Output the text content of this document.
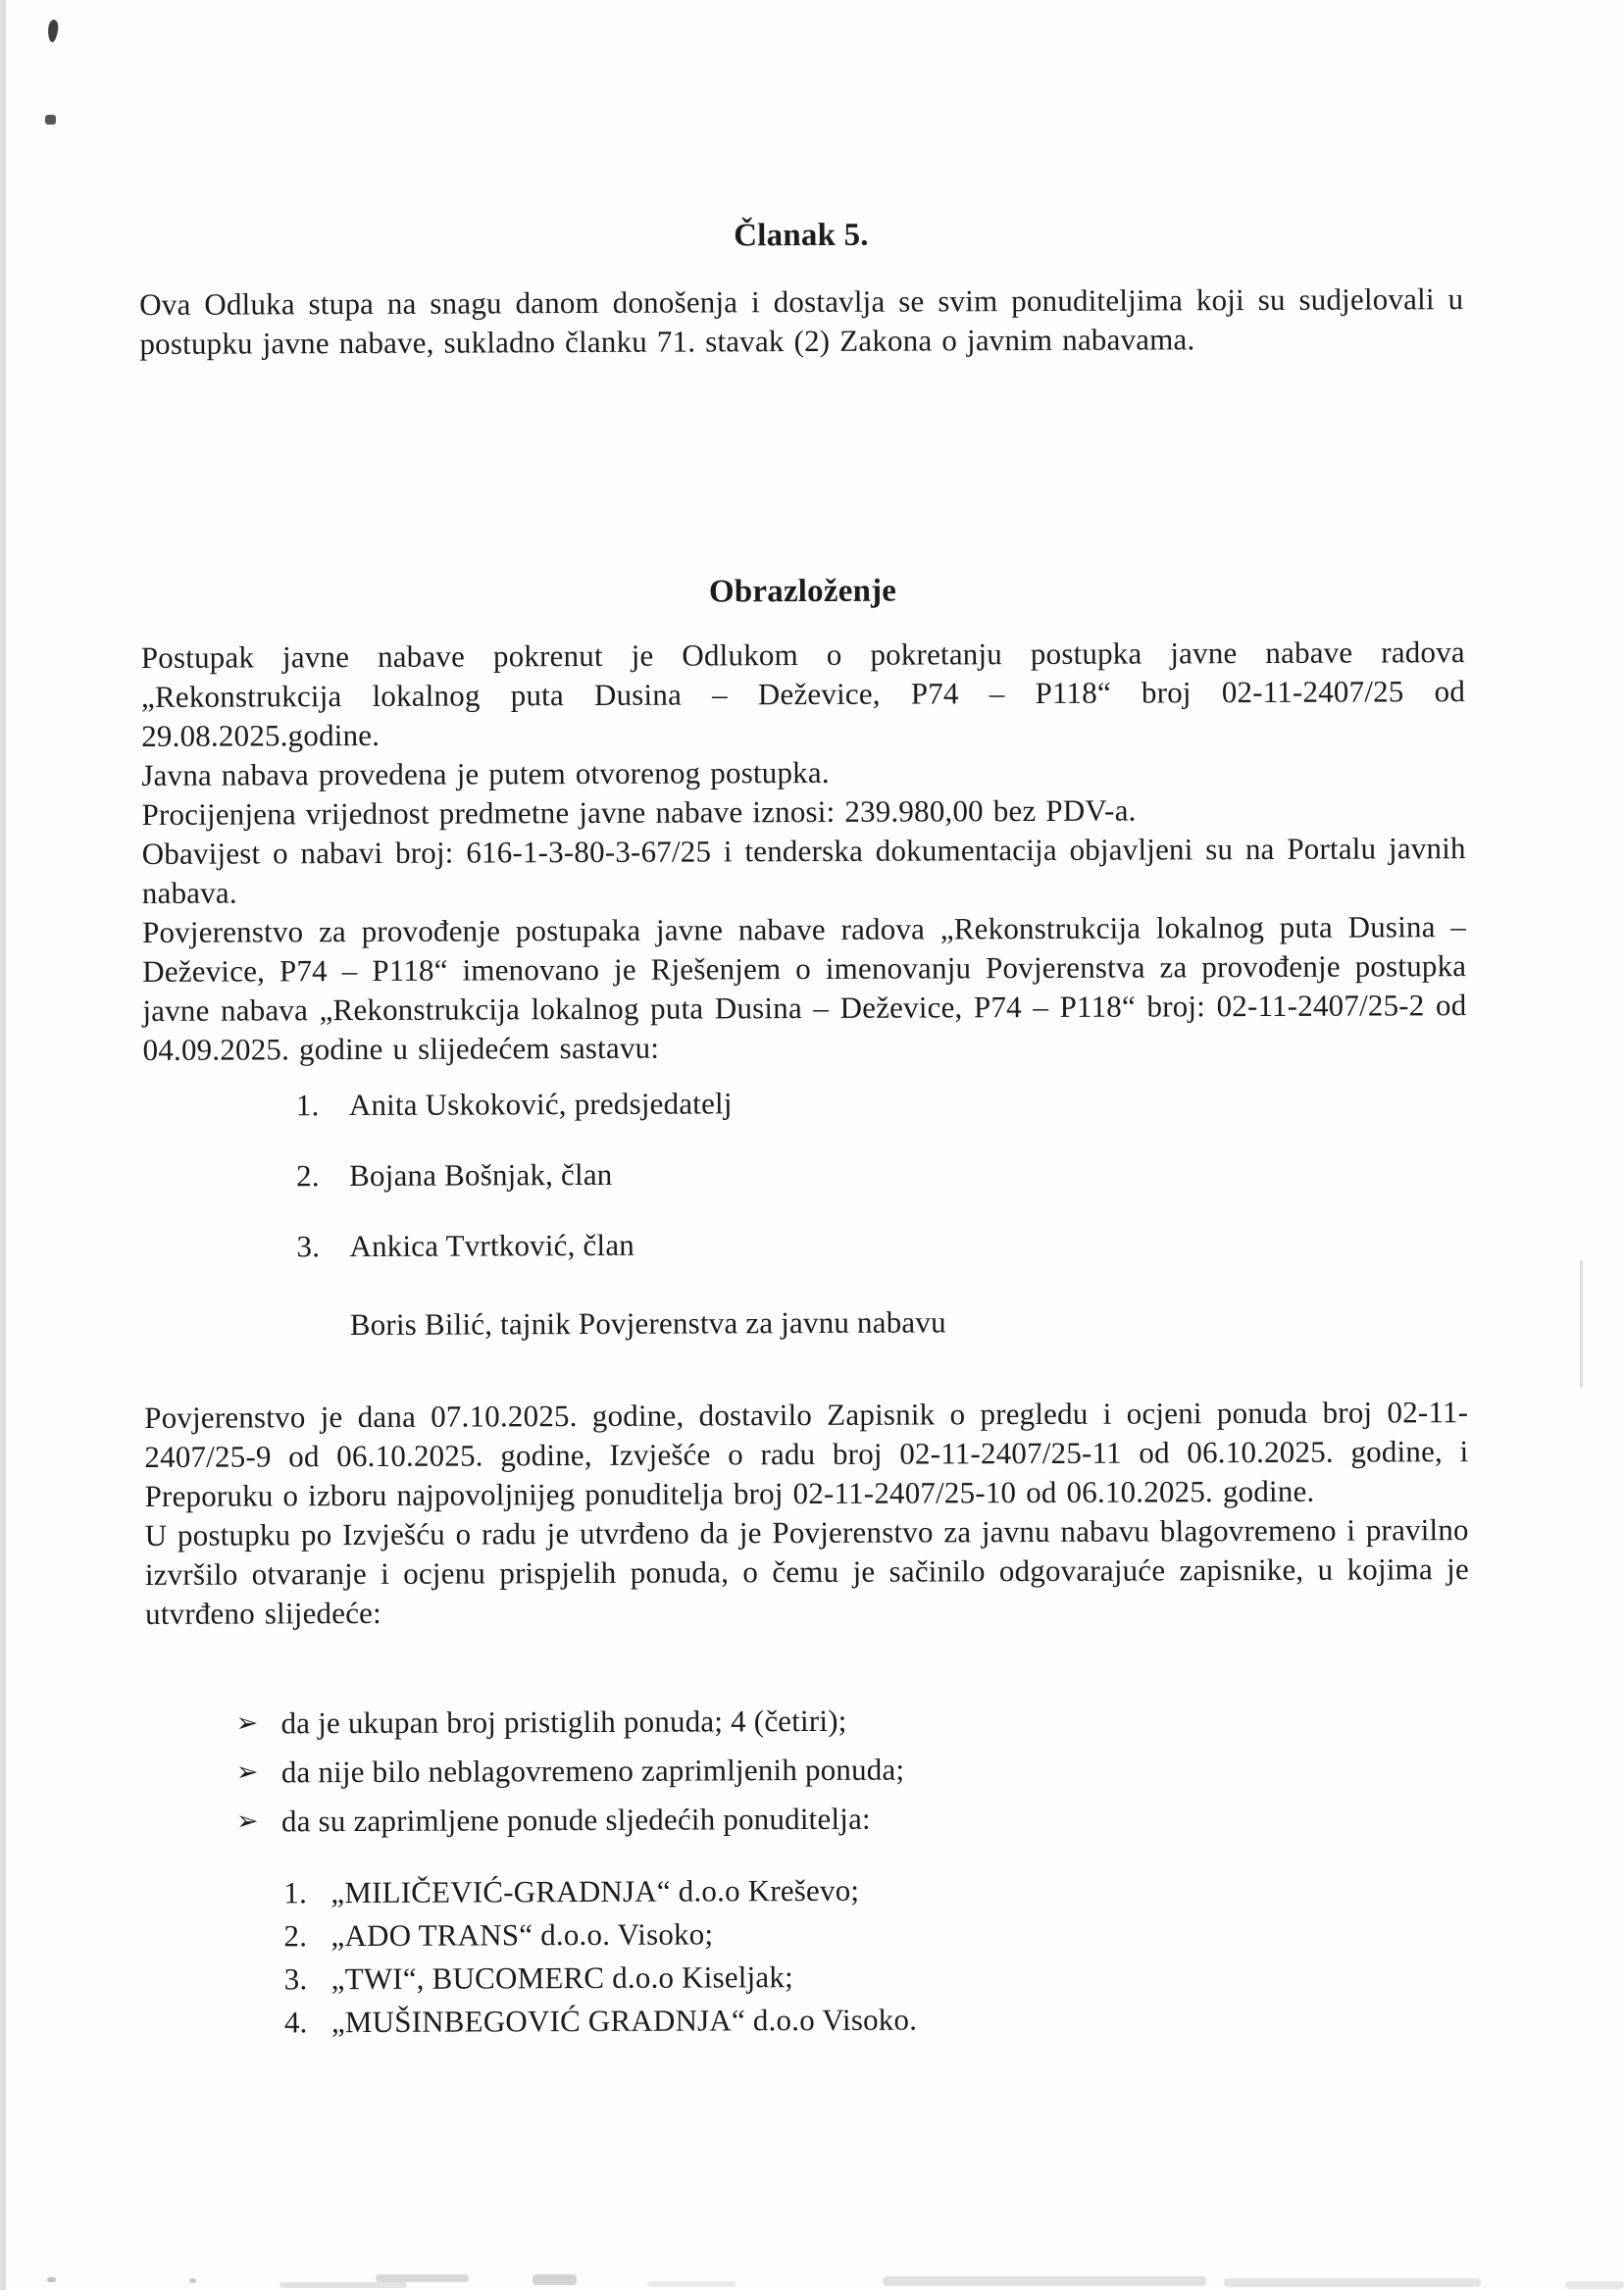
Članak 5.
Ova Odluka stupa na snagu danom donošenja i dostavlja se svim ponuditeljima koji su sudjelovali u postupku javne nabave, sukladno članku 71. stavak (2) Zakona o javnim nabavama.
Obrazloženje

Postupak javne nabave pokrenut je Odlukom o pokretanju postupka javne nabave radova „Rekonstrukcija lokalnog puta Dusina – Deževice, P74 – P118“ broj 02-11-2407/25 od 29.08.2025.godine.

Javna nabava provedena je putem otvorenog postupka.

Procijenjena vrijednost predmetne javne nabave iznosi: 239.980,00 bez PDV-a.

Obavijest o nabavi broj: 616-1-3-80-3-67/25 i tenderska dokumentacija objavljeni su na Portalu javnih nabava.

Povjerenstvo za provođenje postupaka javne nabave radova „Rekonstrukcija lokalnog puta Dusina – Deževice, P74 – P118“ imenovano je Rješenjem o imenovanju Povjerenstva za provođenje postupka javne nabava „Rekonstrukcija lokalnog puta Dusina – Deževice, P74 – P118“ broj: 02-11-2407/25-2 od 04.09.2025. godine u slijedećem sastavu:

1. Anita Uskoković, predsjedatelj
2. Bojana Bošnjak, član
3. Ankica Tvrtković, član
Boris Bilić, tajnik Povjerenstva za javnu nabavu

Povjerenstvo je dana 07.10.2025. godine, dostavilo Zapisnik o pregledu i ocjeni ponuda broj 02-11-2407/25-9 od 06.10.2025. godine, Izvješće o radu broj 02-11-2407/25-11 od 06.10.2025. godine, i Preporuku o izboru najpovoljnijeg ponuditelja broj 02-11-2407/25-10 od 06.10.2025. godine.

U postupku po Izvješću o radu je utvrđeno da je Povjerenstvo za javnu nabavu blagovremeno i pravilno izvršilo otvaranje i ocjenu prispjelih ponuda, o čemu je sačinilo odgovarajuće zapisnike, u kojima je utvrđeno slijedeće:

➢ da je ukupan broj pristiglih ponuda; 4 (četiri);
➢ da nije bilo neblagovremeno zaprimljenih ponuda;
➢ da su zaprimljene ponude sljedećih ponuditelja:
1. „MILIČEVIĆ-GRADNJA“ d.o.o Kreševo;
2. „ADO TRANS“ d.o.o. Visoko;
3. „TWI“, BUCOMERC d.o.o Kiseljak;
4. „MUŠINBEGOVIĆ GRADNJA“ d.o.o Visoko.
